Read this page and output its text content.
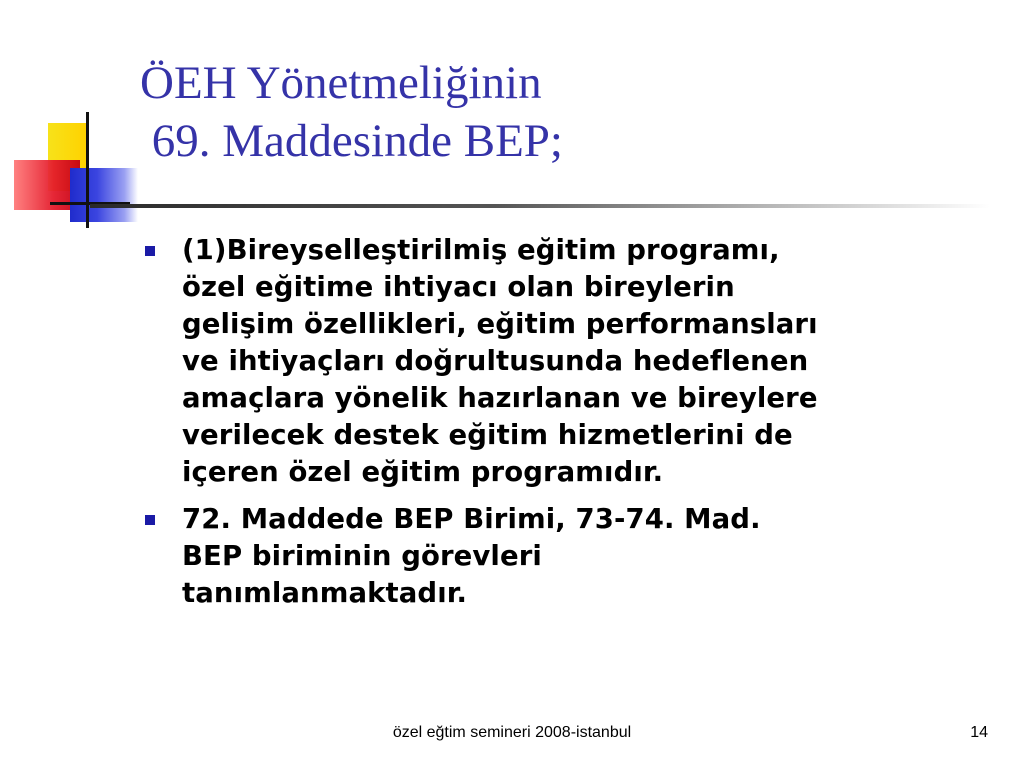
ÖEH Yönetmeliğinin
69. Maddesinde BEP;
(1)Bireyselleştirilmiş eğitim programı,
özel eğitime ihtiyacı olan bireylerin
gelişim özellikleri, eğitim performansları
ve ihtiyaçları doğrultusunda hedeflenen
amaçlara yönelik hazırlanan ve bireylere
verilecek destek eğitim hizmetlerini de
içeren özel eğitim programıdır.
72. Maddede BEP Birimi, 73-74. Mad.
BEP biriminin görevleri
tanımlanmaktadır.
özel eğtim semineri 2008-istanbul	14
